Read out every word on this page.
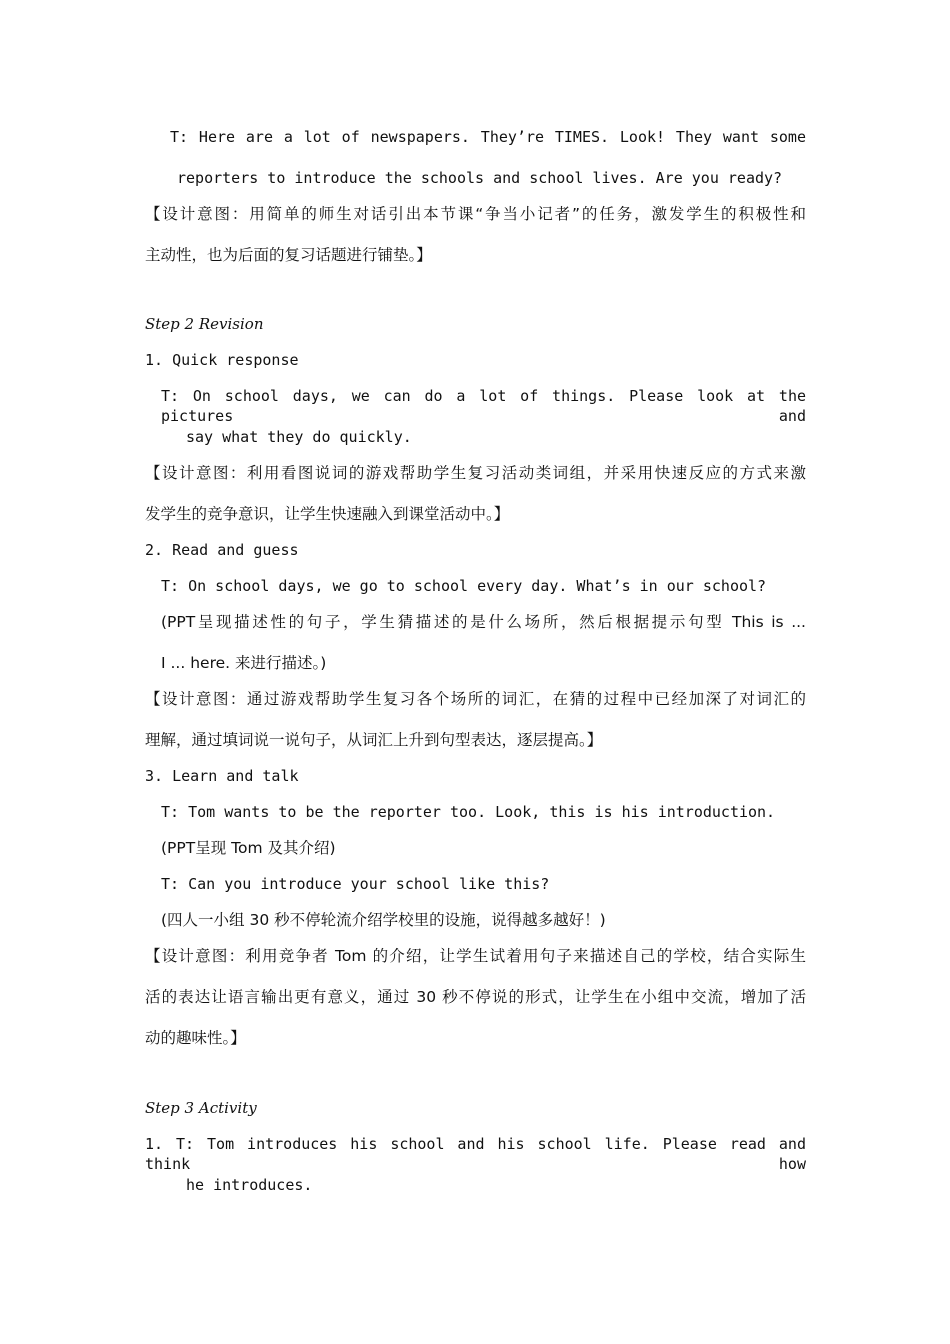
T: Here are a lot of newspapers. They’re TIMES. Look! They want some
reporters to introduce the schools and school lives. Are you ready?
【设计意图：用简单的师生对话引出本节课“争当小记者”的任务，激发学生的积极性和
主动性，也为后面的复习话题进行铺垫。】
Step 2 Revision
1. Quick response
T: On school days, we can do a lot of things. Please look at the pictures and
say what they do quickly.
【设计意图：利用看图说词的游戏帮助学生复习活动类词组，并采用快速反应的方式来激
发学生的竞争意识，让学生快速融入到课堂活动中。】
2. Read and guess
T: On school days, we go to school every day. What’s in our school?
(PPT呈现描述性的句子，学生猜描述的是什么场所，然后根据提示句型 This is ...
I ... here. 来进行描述。)
【设计意图：通过游戏帮助学生复习各个场所的词汇，在猜的过程中已经加深了对词汇的
理解，通过填词说一说句子，从词汇上升到句型表达，逐层提高。】
3. Learn and talk
T: Tom wants to be the reporter too. Look, this is his introduction.
(PPT呈现 Tom 及其介绍)
T: Can you introduce your school like this?
(四人一小组 30 秒不停轮流介绍学校里的设施，说得越多越好！)
【设计意图：利用竞争者 Tom 的介绍，让学生试着用句子来描述自己的学校，结合实际生
活的表达让语言输出更有意义，通过 30 秒不停说的形式，让学生在小组中交流，增加了活
动的趣味性。】
Step 3 Activity
1. T: Tom introduces his school and his school life. Please read and think how
he introduces.
